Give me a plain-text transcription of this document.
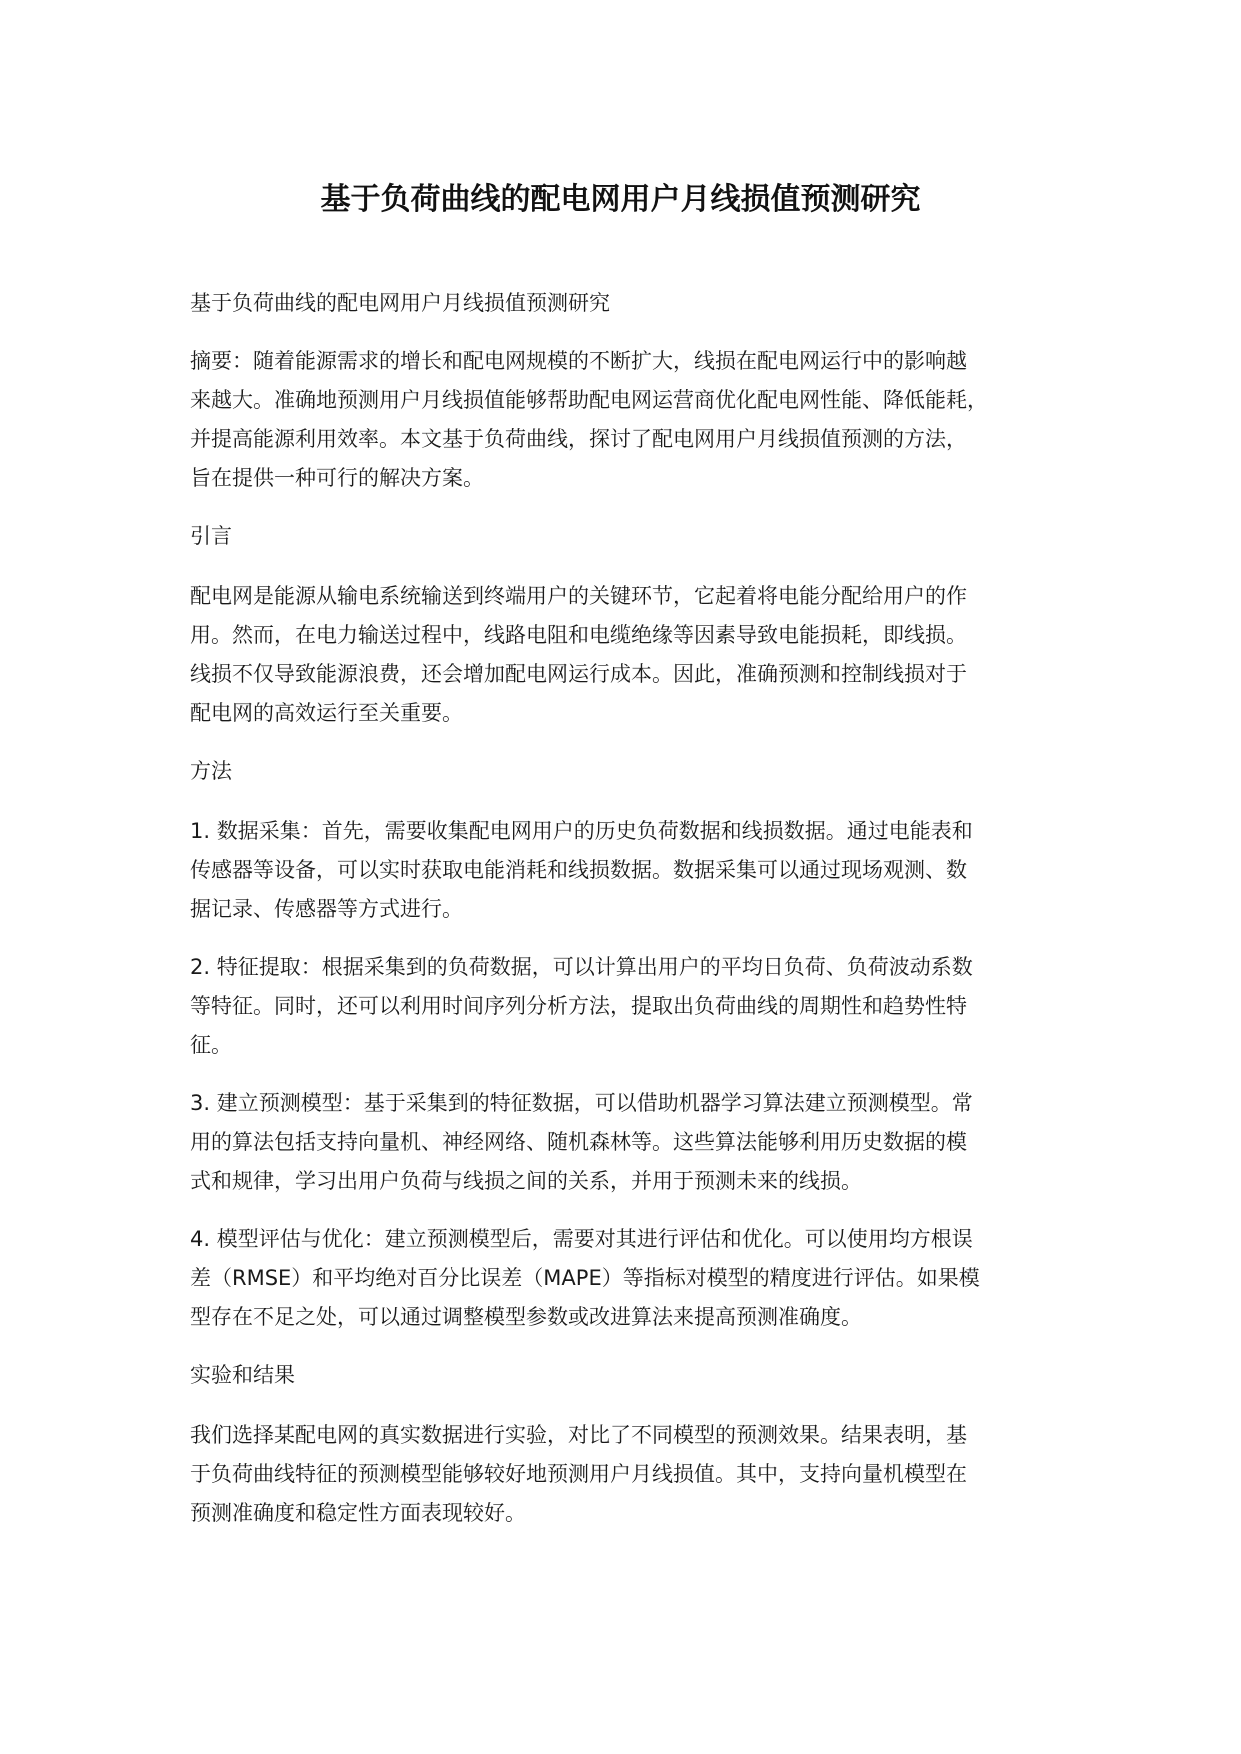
基于负荷曲线的配电网用户月线损值预测研究
基于负荷曲线的配电网用户月线损值预测研究
摘要：随着能源需求的增长和配电网规模的不断扩大，线损在配电网运行中的影响越
来越大。准确地预测用户月线损值能够帮助配电网运营商优化配电网性能、降低能耗，
并提高能源利用效率。本文基于负荷曲线，探讨了配电网用户月线损值预测的方法，
旨在提供一种可行的解决方案。
引言
配电网是能源从输电系统输送到终端用户的关键环节，它起着将电能分配给用户的作
用。然而，在电力输送过程中，线路电阻和电缆绝缘等因素导致电能损耗，即线损。
线损不仅导致能源浪费，还会增加配电网运行成本。因此，准确预测和控制线损对于
配电网的高效运行至关重要。
方法
1. 数据采集：首先，需要收集配电网用户的历史负荷数据和线损数据。通过电能表和
传感器等设备，可以实时获取电能消耗和线损数据。数据采集可以通过现场观测、数
据记录、传感器等方式进行。
2. 特征提取：根据采集到的负荷数据，可以计算出用户的平均日负荷、负荷波动系数
等特征。同时，还可以利用时间序列分析方法，提取出负荷曲线的周期性和趋势性特
征。
3. 建立预测模型：基于采集到的特征数据，可以借助机器学习算法建立预测模型。常
用的算法包括支持向量机、神经网络、随机森林等。这些算法能够利用历史数据的模
式和规律，学习出用户负荷与线损之间的关系，并用于预测未来的线损。
4. 模型评估与优化：建立预测模型后，需要对其进行评估和优化。可以使用均方根误
差（RMSE）和平均绝对百分比误差（MAPE）等指标对模型的精度进行评估。如果模
型存在不足之处，可以通过调整模型参数或改进算法来提高预测准确度。
实验和结果
我们选择某配电网的真实数据进行实验，对比了不同模型的预测效果。结果表明，基
于负荷曲线特征的预测模型能够较好地预测用户月线损值。其中，支持向量机模型在
预测准确度和稳定性方面表现较好。
